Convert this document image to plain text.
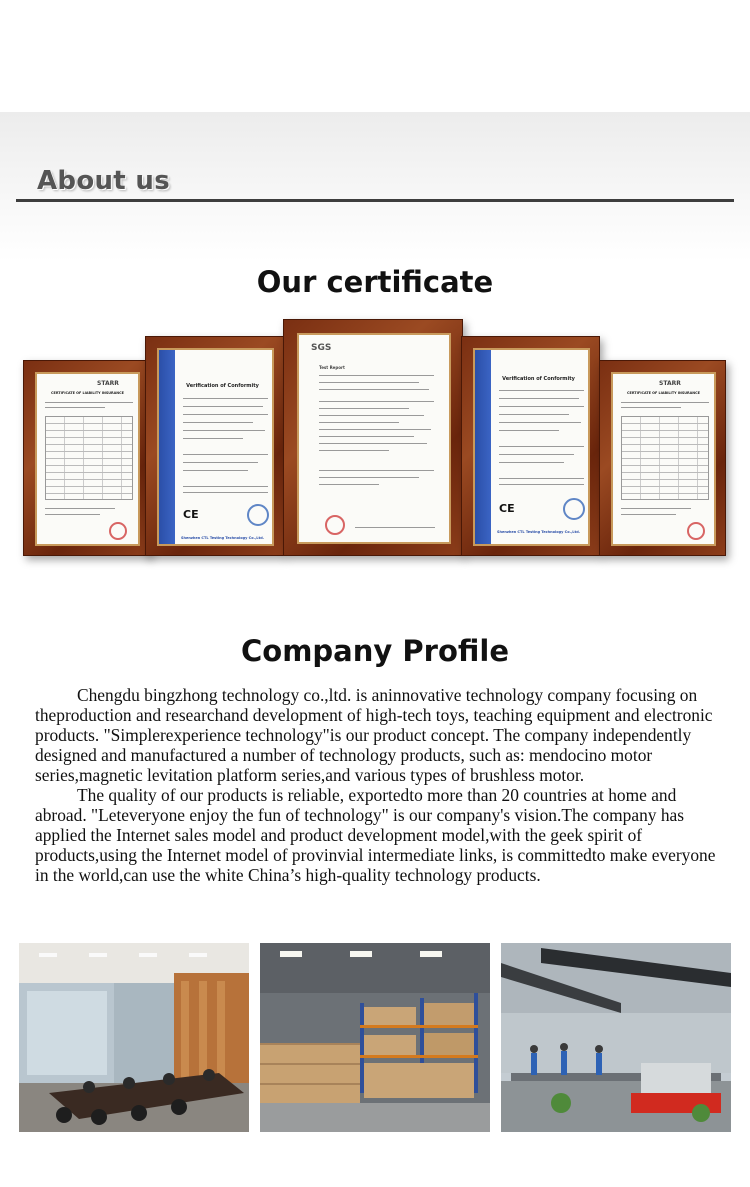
About us
Our certificate
STARR
CERTIFICATE OF LIABILITY INSURANCE
Verification of Conformity
CE
Shenzhen CTL Testing Technology Co.,Ltd.
SGS
Test Report
Verification of Conformity
CE
Shenzhen CTL Testing Technology Co.,Ltd.
STARR
CERTIFICATE OF LIABILITY INSURANCE
Company Profile

Chengdu bingzhong technology co.,ltd. is aninnovative technology company focusing on theproduction and researchand development of high-tech toys, teaching equipment and electronic products. "Simplerexperience technology"is our product concept. The company independently designed and manufactured a number of technology products, such as: mendocino motor series,magnetic levitation platform series,and various types of brushless motor.

The quality of our products is reliable, exportedto more than 20 countries at home and abroad. "Leteveryone enjoy the fun of technology" is our company's vision.The company has applied the Internet sales model and product development model,with the geek spirit of products,using the Internet model of provinvial intermediate links, is committedto make everyone in the world,can use the white China’s high-quality technology products.
